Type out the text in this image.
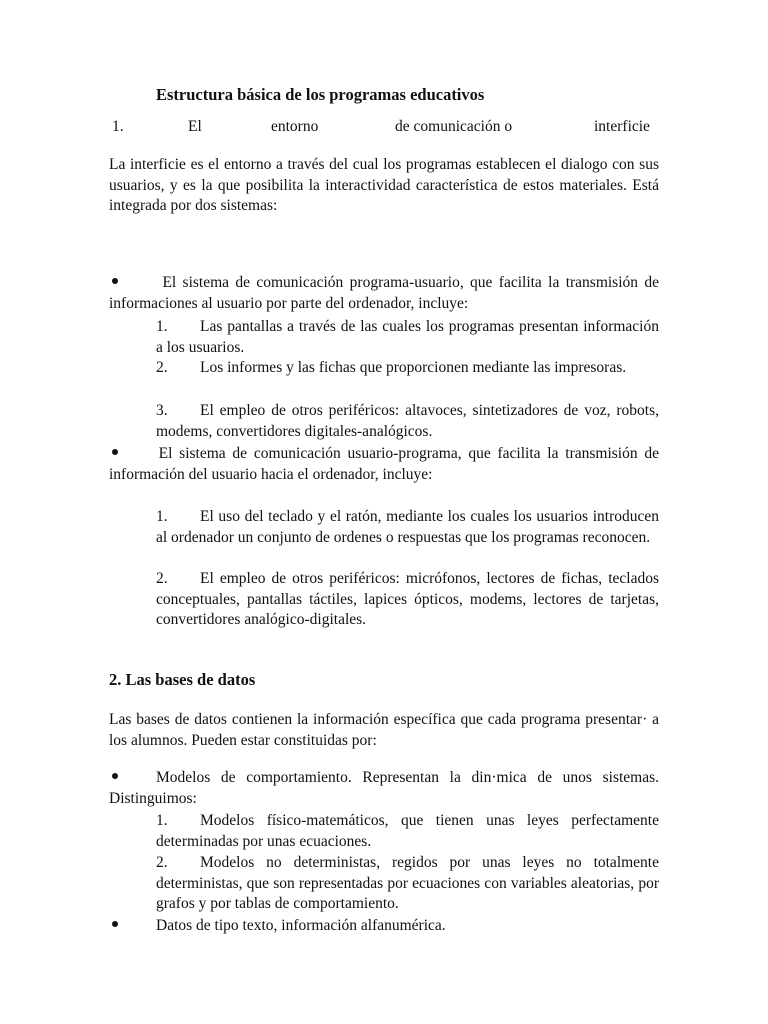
Estructura básica de los programas educativos
1.	El	entorno	de comunicación o	interficie
La interficie es el entorno a través del cual los programas establecen el dialogo con sus usuarios, y es la que posibilita la interactividad característica de estos materiales. Está integrada por dos sistemas:
El sistema de comunicación programa-usuario, que facilita la transmisión de informaciones al usuario por parte del ordenador, incluye:
1. Las pantallas a través de las cuales los programas presentan información a los usuarios.
2. Los informes y las fichas que proporcionen mediante las impresoras.
3. El empleo de otros periféricos: altavoces, sintetizadores de voz, robots, modems, convertidores digitales-analógicos.
El sistema de comunicación usuario-programa, que facilita la transmisión de información del usuario hacia el ordenador, incluye:
1. El uso del teclado y el ratón, mediante los cuales los usuarios introducen al ordenador un conjunto de ordenes o respuestas que los programas reconocen.
2. El empleo de otros periféricos: micrófonos, lectores de fichas, teclados conceptuales, pantallas táctiles, lapices ópticos, modems, lectores de tarjetas, convertidores analógico-digitales.
2. Las bases de datos
Las bases de datos contienen la información específica que cada programa presentar· a los alumnos. Pueden estar constituidas por:
Modelos de comportamiento. Representan la din·mica de unos sistemas. Distinguimos:
1. Modelos físico-matemáticos, que tienen unas leyes perfectamente determinadas por unas ecuaciones.
2. Modelos no deterministas, regidos por unas leyes no totalmente deterministas, que son representadas por ecuaciones con variables aleatorias, por grafos y por tablas de comportamiento.
Datos de tipo texto, información alfanumérica.
